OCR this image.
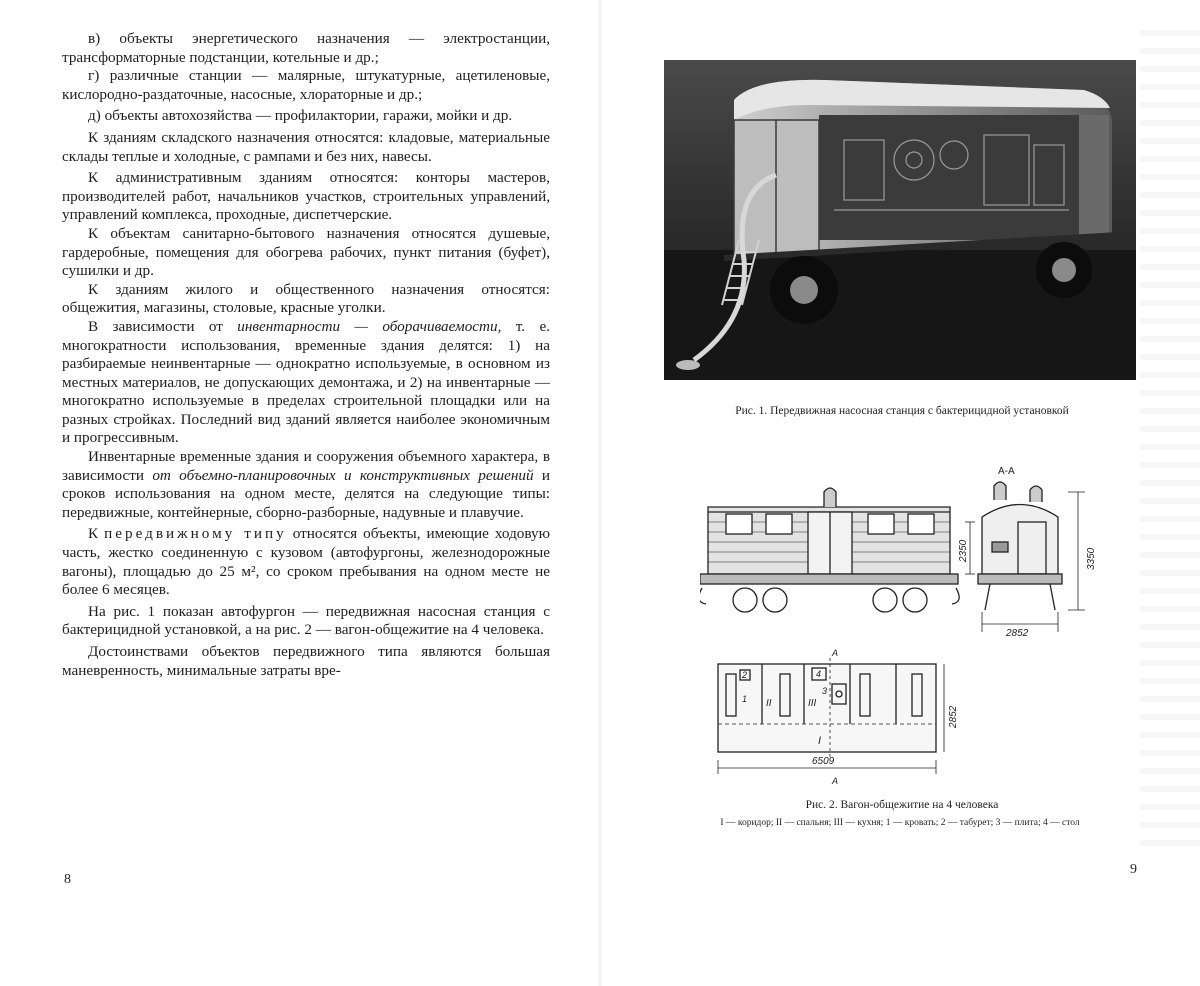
в) объекты энергетического назначения — электростанции, трансформаторные подстанции, котельные и др.;

г) различные станции — малярные, штукатурные, ацетиленовые, кислородно-раздаточные, насосные, хлораторные и др.;

д) объекты автохозяйства — профилактории, гаражи, мойки и др.

К зданиям складского назначения относятся: кладовые, материальные склады теплые и холодные, с рампами и без них, навесы.

К административным зданиям относятся: конторы мастеров, производителей работ, начальников участков, строительных управлений, управлений комплекса, проходные, диспетчерские.

К объектам санитарно-бытового назначения относятся душевые, гардеробные, помещения для обогрева рабочих, пункт питания (буфет), сушилки и др.

К зданиям жилого и общественного назначения относятся: общежития, магазины, столовые, красные уголки.

В зависимости от инвентарности — оборачиваемости, т. е. многократности использования, временные здания делятся: 1) на разбираемые неинвентарные — однократно используемые, в основном из местных материалов, не допускающих демонтажа, и 2) на инвентарные — многократно используемые в пределах строительной площадки или на разных стройках. Последний вид зданий является наиболее экономичным и прогрессивным.

Инвентарные временные здания и сооружения объемного характера, в зависимости от объемно-планировочных и конструктивных решений и сроков использования на одном месте, делятся на следующие типы: передвижные, контейнерные, сборно-разборные, надувные и плавучие.

К передвижному типу относятся объекты, имеющие ходовую часть, жестко соединенную с кузовом (автофургоны, железнодорожные вагоны), площадью до 25 м², со сроком пребывания на одном месте не более 6 месяцев.

На рис. 1 показан автофургон — передвижная насосная станция с бактерицидной установкой, а на рис. 2 — вагон-общежитие на 4 человека.

Достоинствами объектов передвижного типа являются большая маневренность, минимальные затраты вре-

8
Рис. 1. Передвижная насосная станция с бактерицидной установкой
А-А
2350	3350
2852
А
А
I
II	III
1
2
3
4
2852
6509
Рис. 2. Вагон-общежитие на 4 человека
I — коридор; II — спальня; III — кухня; 1 — кровать; 2 — табурет; 3 — плита; 4 — стол
9
